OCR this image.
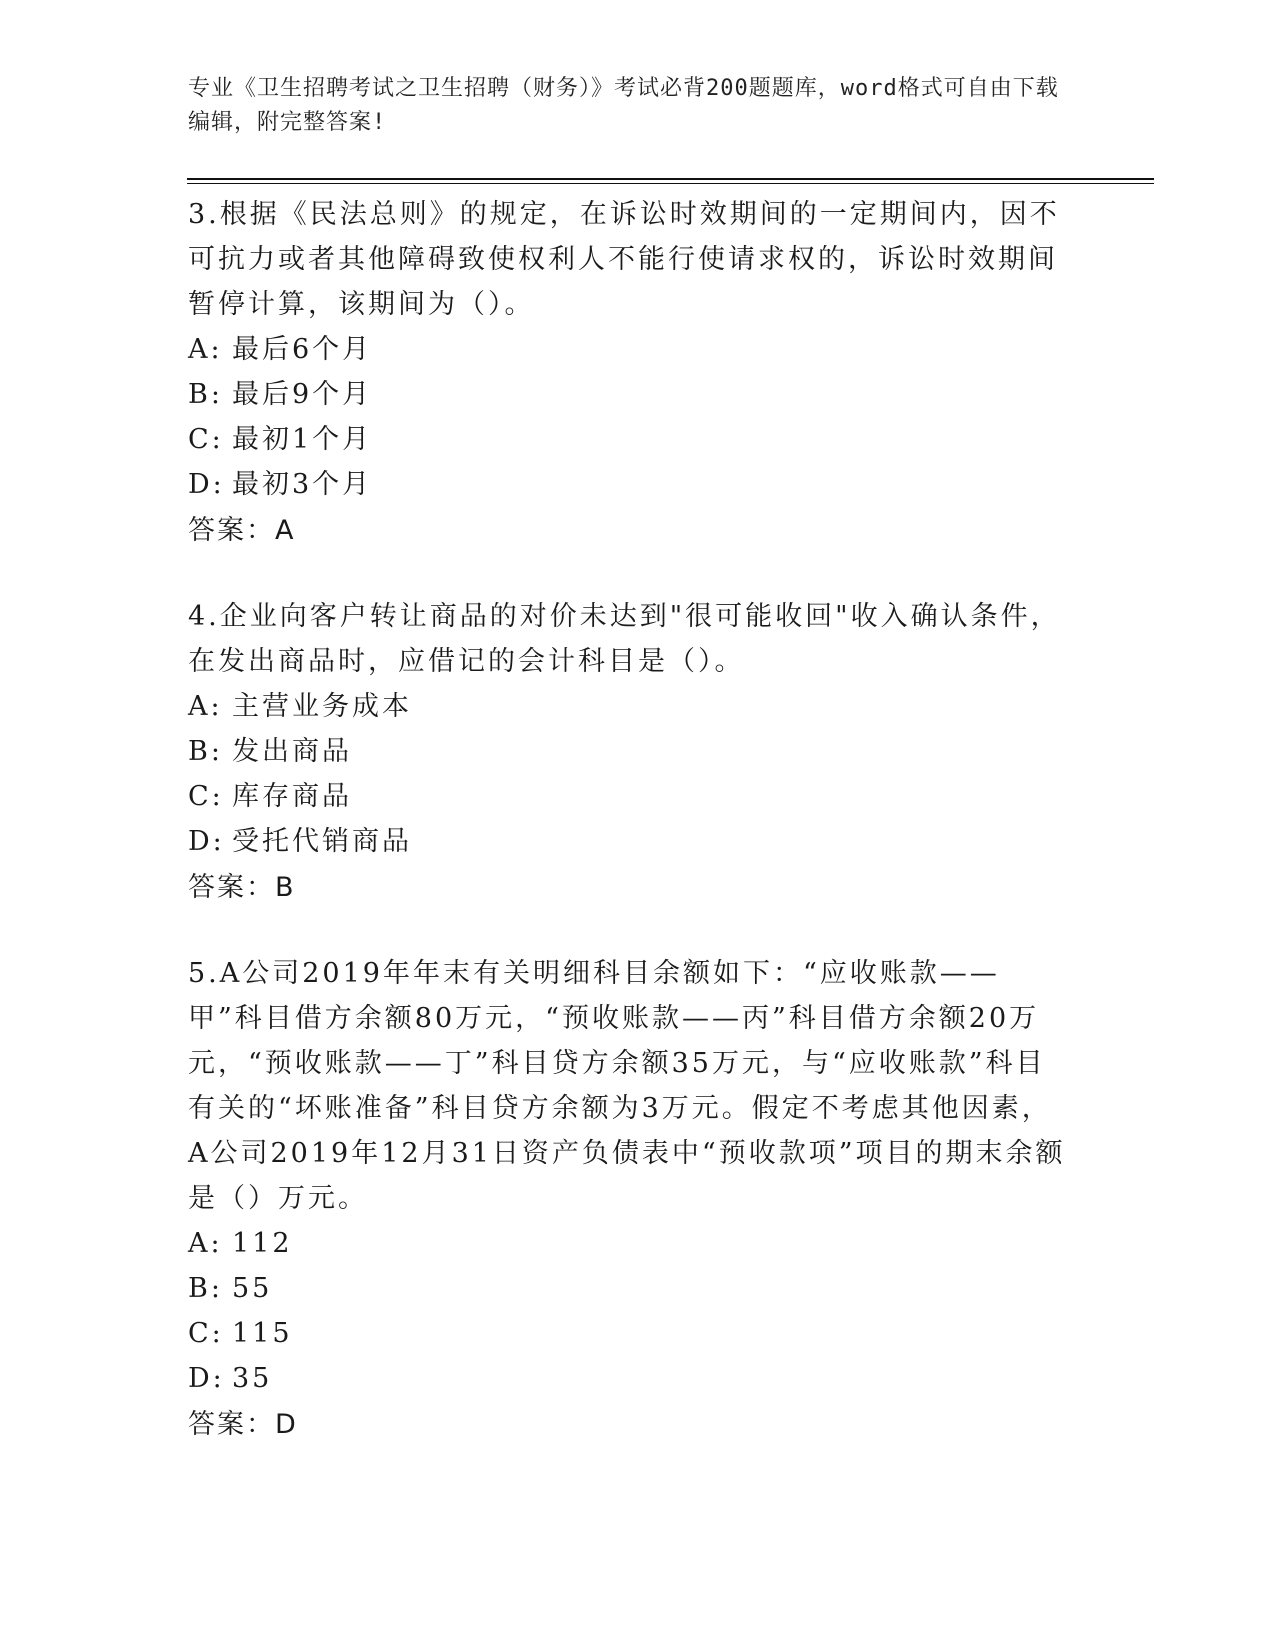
专业《卫生招聘考试之卫生招聘（财务）》考试必背200题题库，word格式可自由下载编辑，附完整答案!

3.根据《民法总则》的规定，在诉讼时效期间的一定期间内，因不可抗力或者其他障碍致使权利人不能行使请求权的，诉讼时效期间暂停计算，该期间为（）。

A: 最后6个月

B: 最后9个月

C: 最初1个月

D: 最初3个月

答案：A

4.企业向客户转让商品的对价未达到"很可能收回"收入确认条件，在发出商品时，应借记的会计科目是（）。

A: 主营业务成本

B: 发出商品

C: 库存商品

D: 受托代销商品

答案：B

5.A公司2019年年末有关明细科目余额如下：“应收账款——甲”科目借方余额80万元，“预收账款——丙”科目借方余额20万元，“预收账款——丁”科目贷方余额35万元，与“应收账款”科目有关的“坏账准备”科目贷方余额为3万元。假定不考虑其他因素，A公司2019年12月31日资产负债表中“预收款项”项目的期末余额是（）万元。

A: 112

B: 55

C: 115

D: 35

答案：D
